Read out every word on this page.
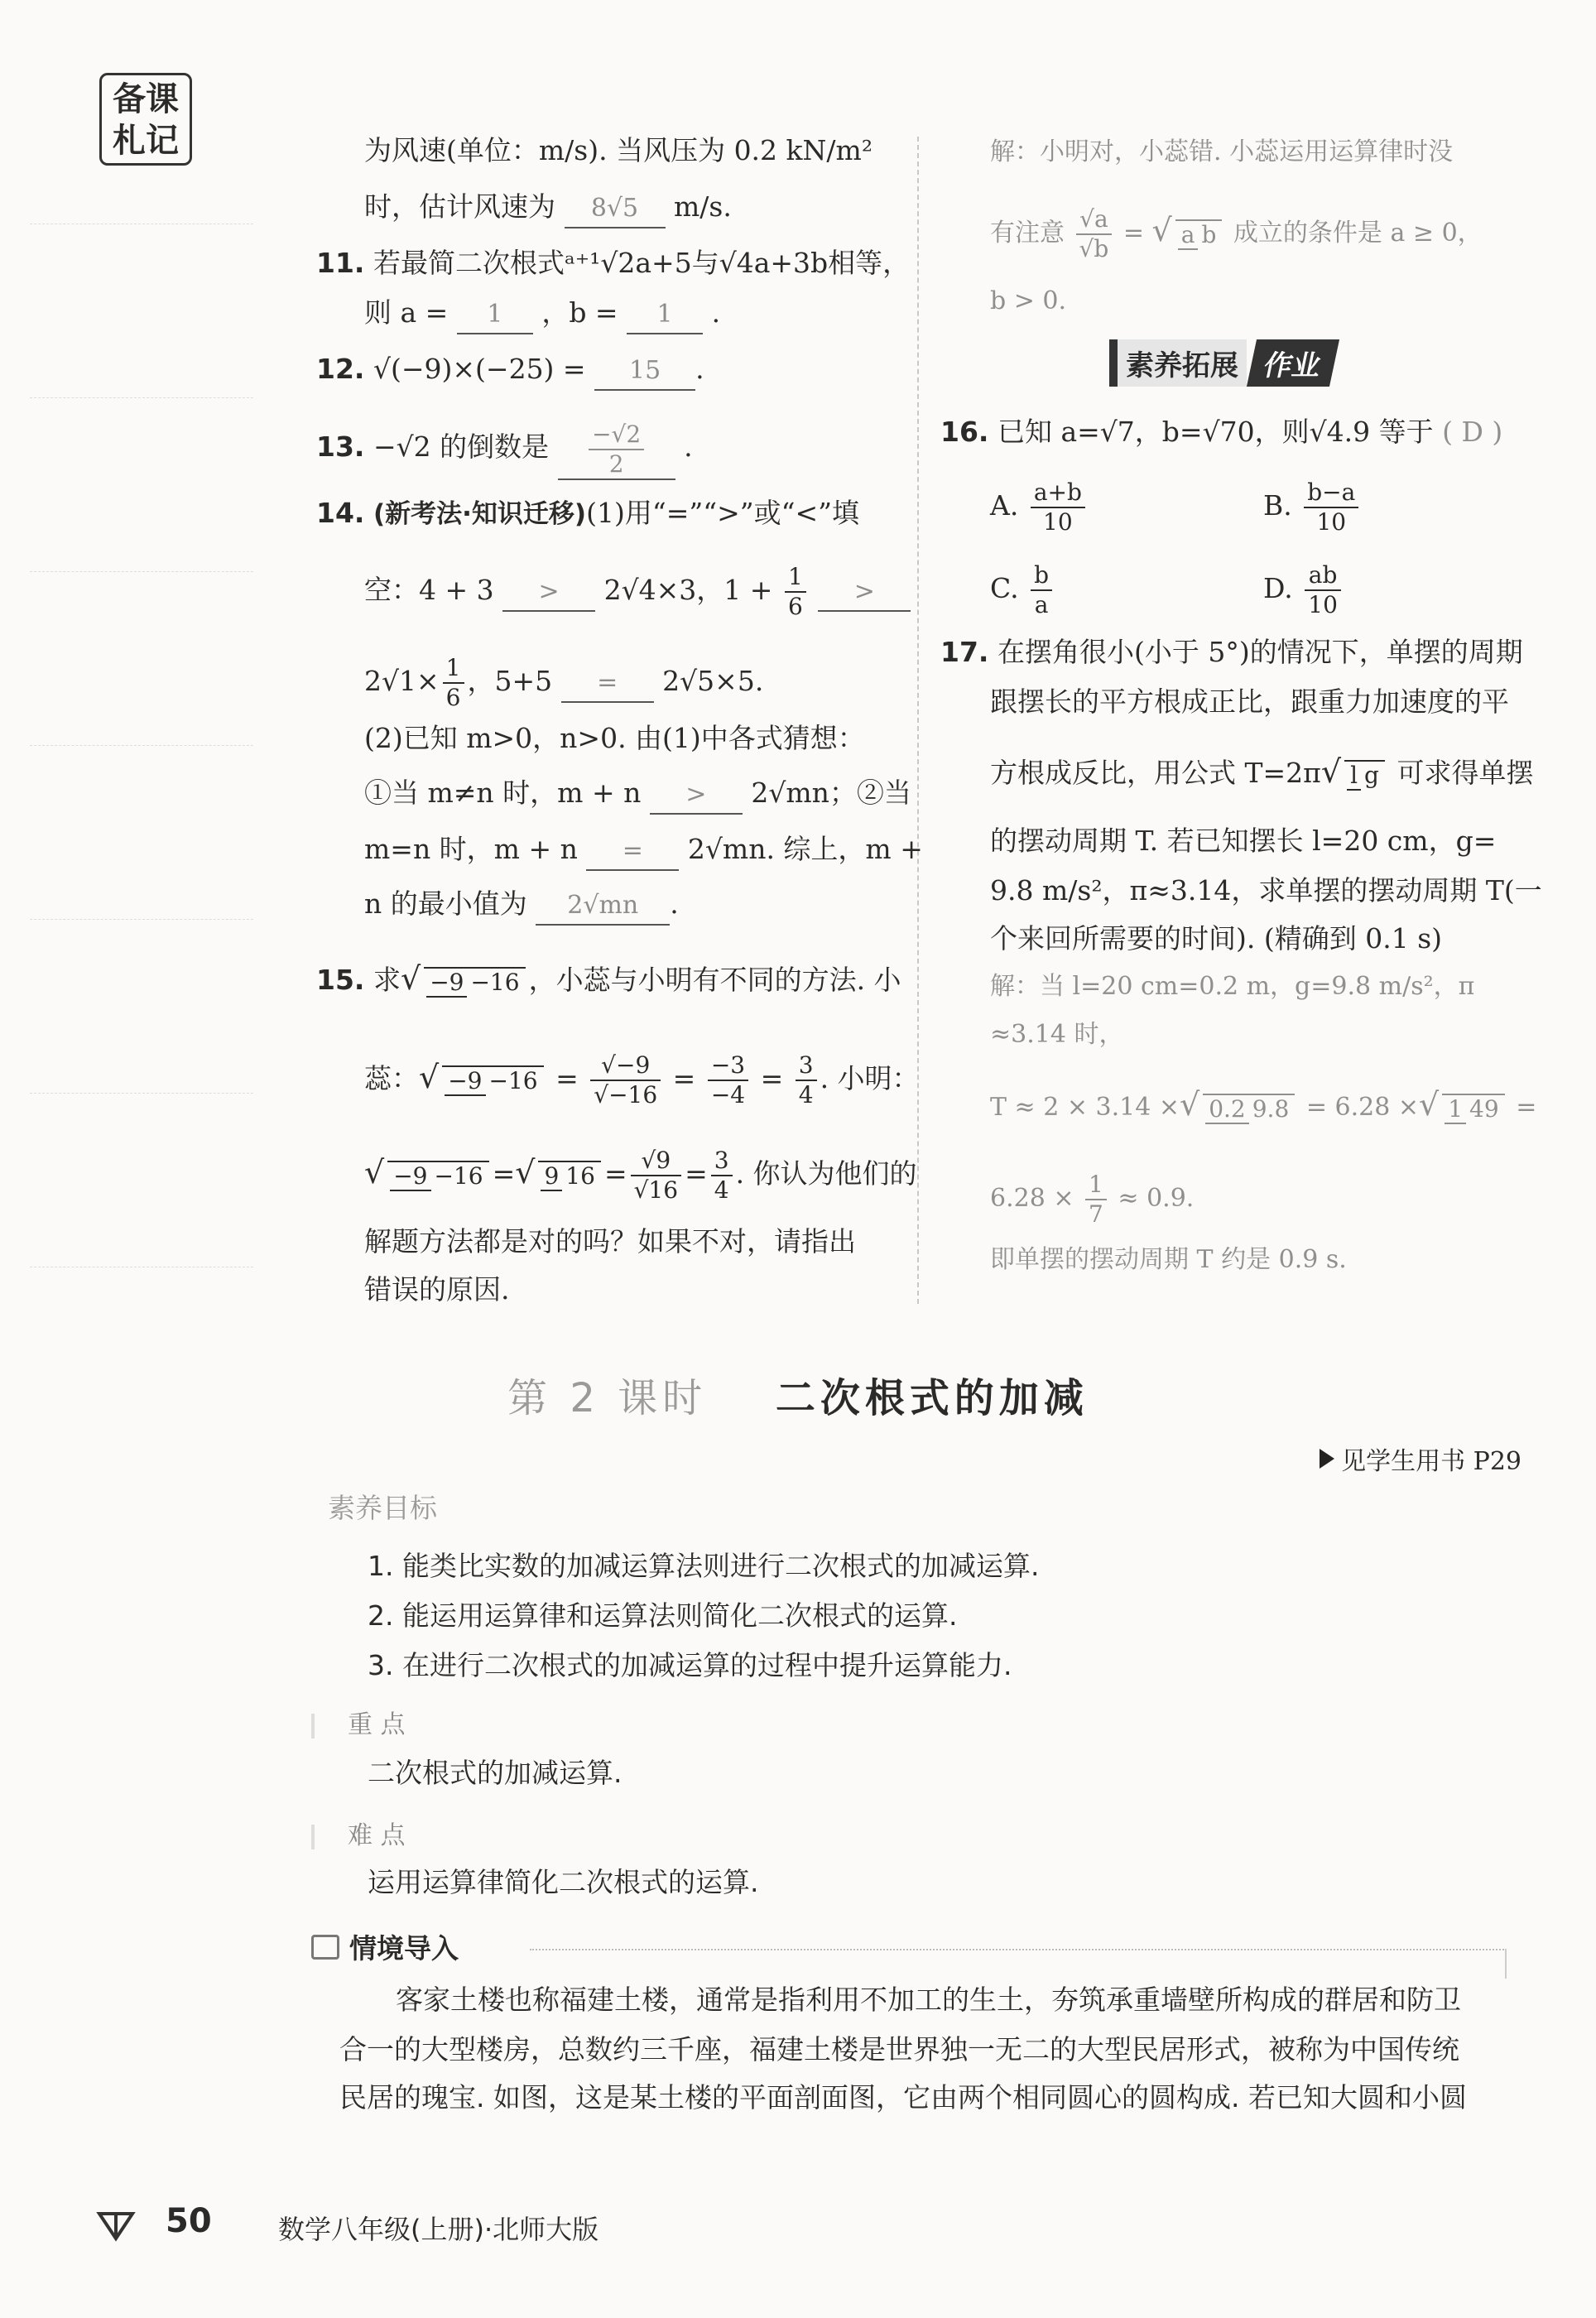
备课
札记	为风速(单位：m/s). 当风压为 0.2 kN/m²
时，估计风速为 8√5 m/s.
11. 若最简二次根式ᵃ⁺¹√2a+5与√4a+3b相等，
则 a = 1 ，b = 1 .
12. √(−9)×(−25) = 15 .
13. −√2 的倒数是 $\frac{-√2}{2}$ .
14. (新考法·知识迁移)(1)用“=”“>”或“<”填
空：4 + 3 > 2√4×3，$1 + \frac{1}{6}$ >
$2√1\times \frac{1}{6}$ ，5+5 = 2√5×5.
(2)已知 m>0，n>0. 由(1)中各式猜想：
①当 m≠n 时，m + n > 2√mn；②当
m=n 时，m + n = 2√mn. 综上，m +
n 的最小值为 2√mn .
15. 求√ −9 −16 ，小蕊与小明有不同的方法. 小
蕊：√ $-9 -16 = \frac{√-9}{√-16} = \frac{-3}{-4} = \frac{3}{4}$ . 小明：
√ −9 −16 =√ 9 $16 = \frac{√9}{√16} = \frac{3}{4}$ . 你认为他们的
解题方法都是对的吗？如果不对，请指出
错误的原因.
解：小明对，小蕊错. 小蕊运用运算律时没
有注意 $\frac{√a}{√b}$ = √ a b 成立的条件是 a ≥ 0，
b > 0.
素养拓展 作业
16. 已知 a=√7，b=√70，则√4.9 等于 ( D )
A. $\frac{a+b}{10}$	B. $\frac{b-a}{10}$
C. $\frac{b}{a}$	D. $\frac{ab}{10}$
17. 在摆角很小(小于 5°)的情况下，单摆的周期
跟摆长的平方根成正比，跟重力加速度的平
方根成反比，用公式 T=2π√ l g 可求得单摆
的摆动周期 T. 若已知摆长 l=20 cm，g=
9.8 m/s²，π≈3.14，求单摆的摆动周期 T(一
个来回所需要的时间). (精确到 0.1 s)
解：当 l=20 cm=0.2 m，g=9.8 m/s²，π
≈3.14 时，
T ≈ 2 × 3.14 ×√ 0.2 9.8 = 6.28 ×√ 1 49 =
$6.28 \times \frac{1}{7} \approx 0.9$.
即单摆的摆动周期 T 约是 0.9 s.
第 2 课时 二次根式的加减
见学生用书 P29
素养目标
1. 能类比实数的加减运算法则进行二次根式的加减运算.
2. 能运用运算律和运算法则简化二次根式的运算.
3. 在进行二次根式的加减运算的过程中提升运算能力.
重 点
二次根式的加减运算.
难 点
运用运算律简化二次根式的运算.
情境导入
客家土楼也称福建土楼，通常是指利用不加工的生土，夯筑承重墙壁所构成的群居和防卫
合一的大型楼房，总数约三千座，福建土楼是世界独一无二的大型民居形式，被称为中国传统
民居的瑰宝. 如图，这是某土楼的平面剖面图，它由两个相同圆心的圆构成. 若已知大圆和小圆
50	数学八年级(上册)·北师大版
